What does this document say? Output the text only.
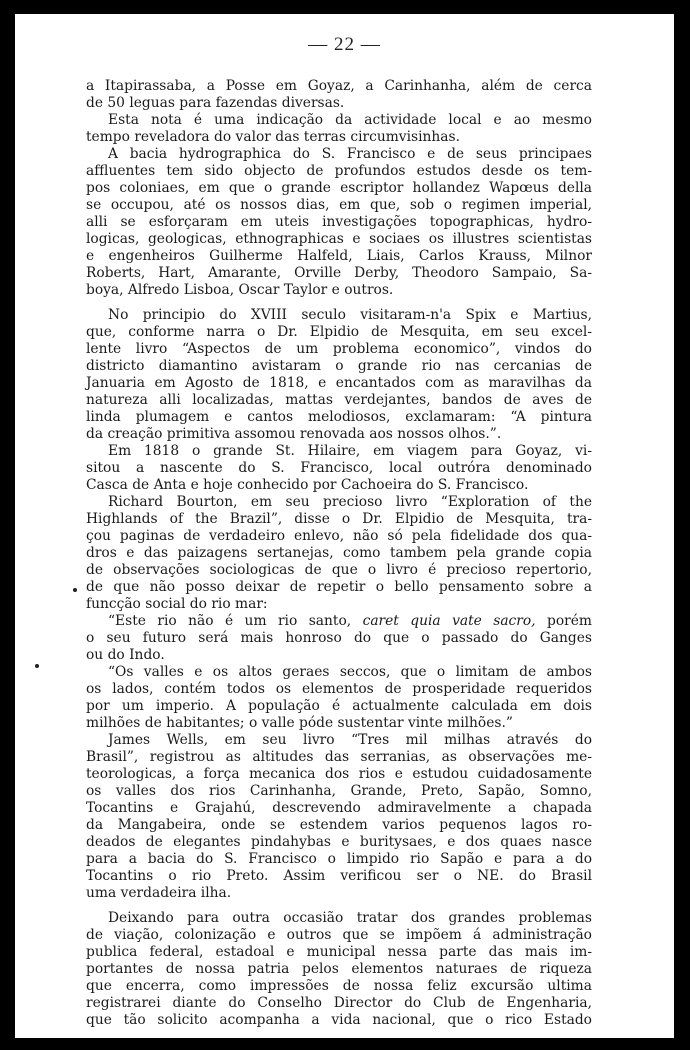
— 22 —
a Itapirassaba, a Posse em Goyaz, a Carinhanha, além de cerca
de 50 leguas para fazendas diversas.
Esta nota é uma indicação da actividade local e ao mesmo
tempo reveladora do valor das terras circumvisinhas.
A bacia hydrographica do S. Francisco e de seus principaes
affluentes tem sido objecto de profundos estudos desde os tem-
pos coloniaes, em que o grande escriptor hollandez Wapœus della
se occupou, até os nossos dias, em que, sob o regimen imperial,
alli se esforçaram em uteis investigações topographicas, hydro-
logicas, geologicas, ethnographicas e sociaes os illustres scientistas
e engenheiros Guilherme Halfeld, Liais, Carlos Krauss, Milnor
Roberts, Hart, Amarante, Orville Derby, Theodoro Sampaio, Sa-
boya, Alfredo Lisboa, Oscar Taylor e outros.
No principio do XVIII seculo visitaram-n'a Spix e Martius,
que, conforme narra o Dr. Elpidio de Mesquita, em seu excel-
lente livro “Aspectos de um problema economico”, vindos do
districto diamantino avistaram o grande rio nas cercanias de
Januaria em Agosto de 1818, e encantados com as maravilhas da
natureza alli localizadas, mattas verdejantes, bandos de aves de
linda plumagem e cantos melodiosos, exclamaram: “A pintura
da creação primitiva assomou renovada aos nossos olhos.”.
Em 1818 o grande St. Hilaire, em viagem para Goyaz, vi-
sitou a nascente do S. Francisco, local outróra denominado
Casca de Anta e hoje conhecido por Cachoeira do S. Francisco.
Richard Bourton, em seu precioso livro “Exploration of the
Highlands of the Brazil”, disse o Dr. Elpidio de Mesquita, tra-
çou paginas de verdadeiro enlevo, não só pela fidelidade dos qua-
dros e das paizagens sertanejas, como tambem pela grande copia
de observações sociologicas de que o livro é precioso repertorio,
de que não posso deixar de repetir o bello pensamento sobre a
funcção social do rio mar:
“Este rio não é um rio santo, caret quia vate sacro, porém
o seu futuro será mais honroso do que o passado do Ganges
ou do Indo.
“Os valles e os altos geraes seccos, que o limitam de ambos
os lados, contém todos os elementos de prosperidade requeridos
por um imperio. A população é actualmente calculada em dois
milhões de habitantes; o valle póde sustentar vinte milhões.”
James Wells, em seu livro “Tres mil milhas através do
Brasil”, registrou as altitudes das serranias, as observações me-
teorologicas, a força mecanica dos rios e estudou cuidadosamente
os valles dos rios Carinhanha, Grande, Preto, Sapão, Somno,
Tocantins e Grajahú, descrevendo admiravelmente a chapada
da Mangabeira, onde se estendem varios pequenos lagos ro-
deados de elegantes pindahybas e buritysaes, e dos quaes nasce
para a bacia do S. Francisco o limpido rio Sapão e para a do
Tocantins o rio Preto. Assim verificou ser o NE. do Brasil
uma verdadeira ilha.
Deixando para outra occasião tratar dos grandes problemas
de viação, colonização e outros que se impõem á administração
publica federal, estadoal e municipal nessa parte das mais im-
portantes de nossa patria pelos elementos naturaes de riqueza
que encerra, como impressões de nossa feliz excursão ultima
registrarei diante do Conselho Director do Club de Engenharia,
que tão solicito acompanha a vida nacional, que o rico Estado
